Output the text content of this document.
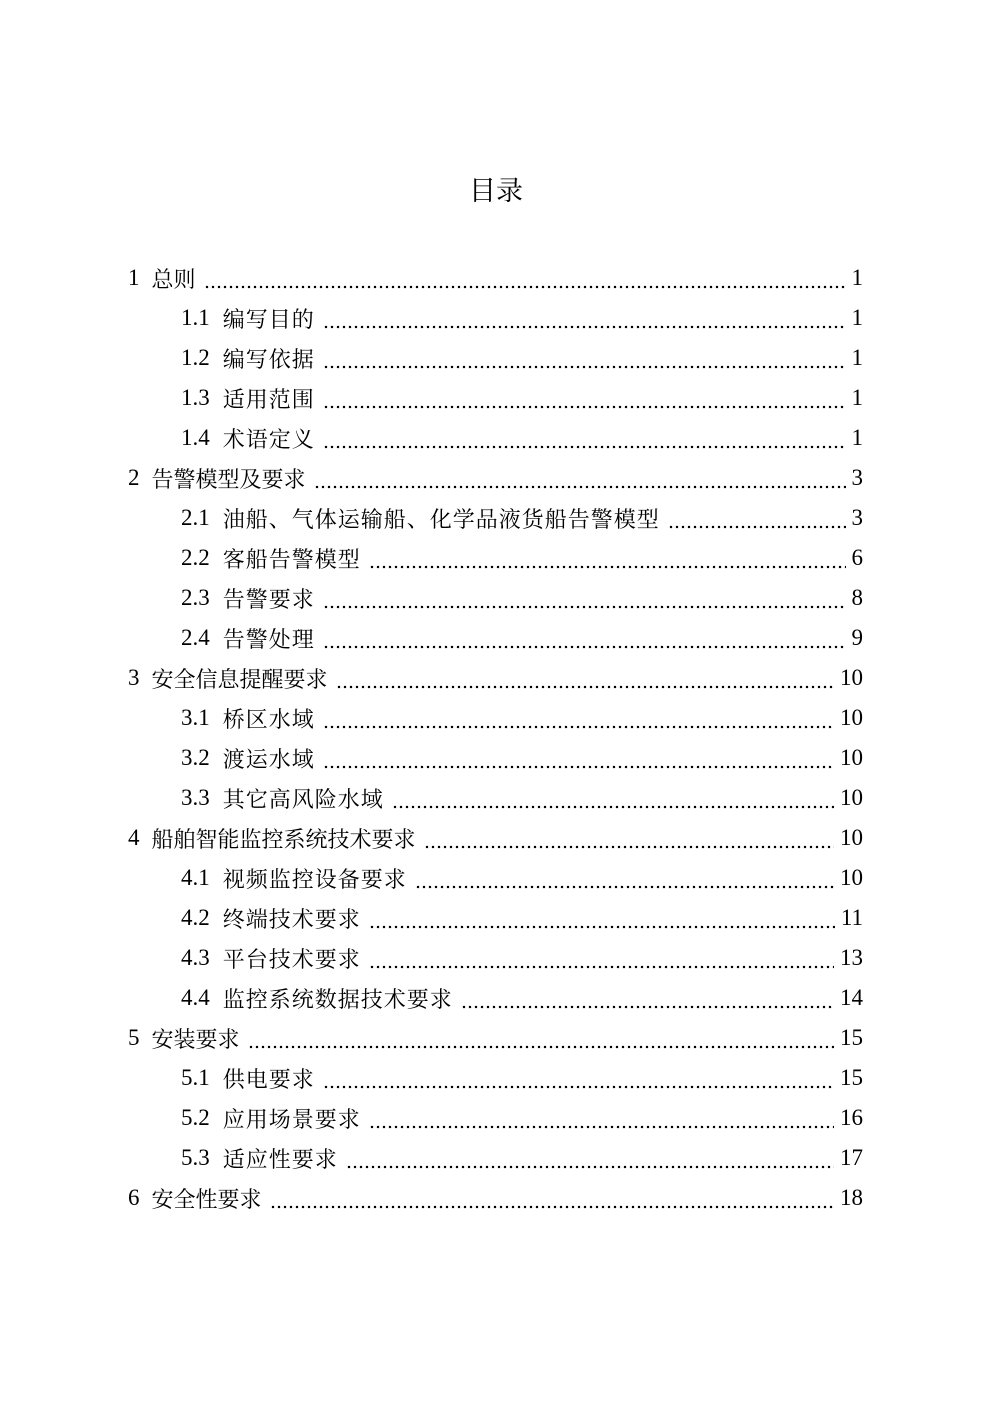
目录
1 总则	1
1.1 编写目的	1
1.2 编写依据	1
1.3 适用范围	1
1.4 术语定义	1
2 告警模型及要求	3
2.1 油船、气体运输船、化学品液货船告警模型	3
2.2 客船告警模型	6
2.3 告警要求	8
2.4 告警处理	9
3 安全信息提醒要求	10
3.1 桥区水域	10
3.2 渡运水域	10
3.3 其它高风险水域	10
4 船舶智能监控系统技术要求	10
4.1 视频监控设备要求	10
4.2 终端技术要求	11
4.3 平台技术要求	13
4.4 监控系统数据技术要求	14
5 安装要求	15
5.1 供电要求	15
5.2 应用场景要求	16
5.3 适应性要求	17
6 安全性要求	18
